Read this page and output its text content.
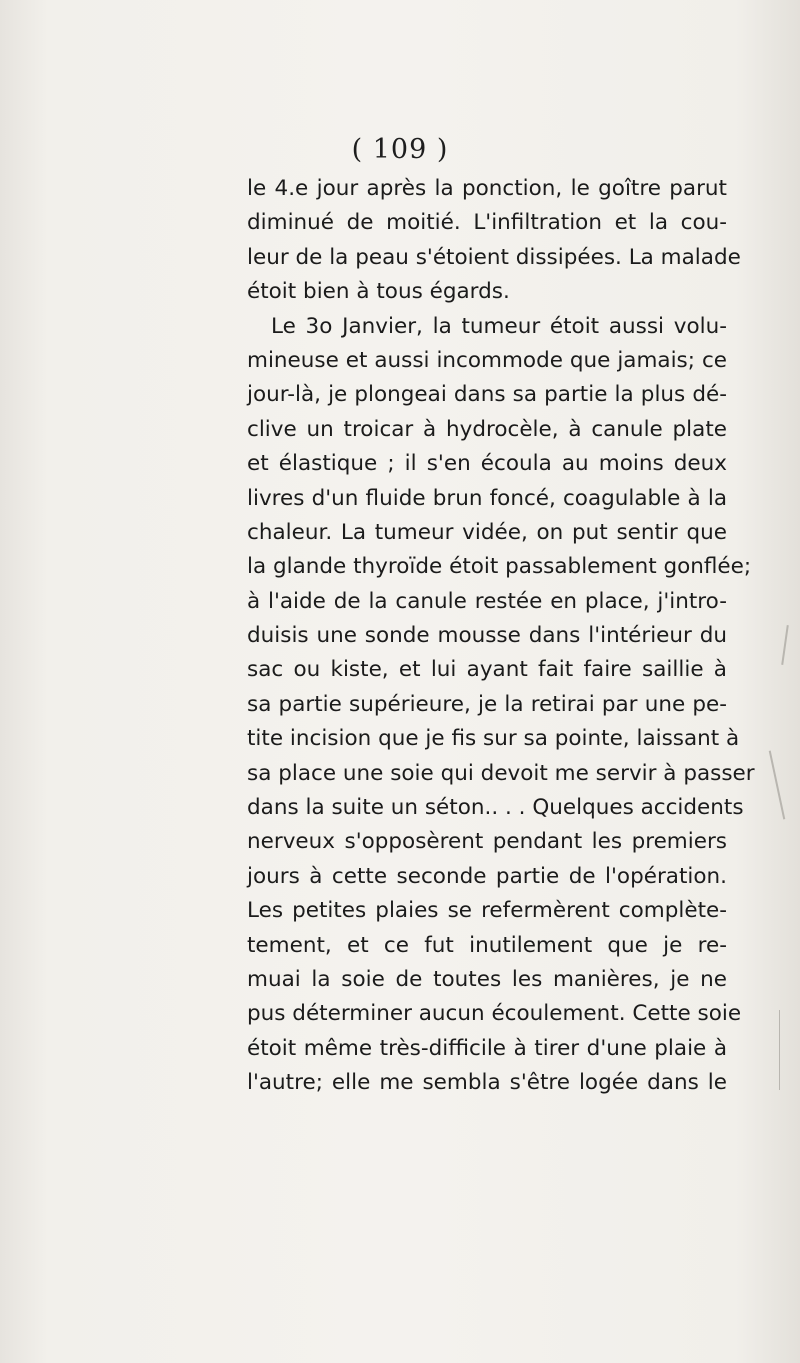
( 109 )
le 4.e jour après la ponction, le goître parut
diminué de moitié. L'infiltration et la cou-
leur de la peau s'étoient dissipées. La malade
étoit bien à tous égards.
Le 3o Janvier, la tumeur étoit aussi volu-
mineuse et aussi incommode que jamais; ce
jour-là, je plongeai dans sa partie la plus dé-
clive un troicar à hydrocèle, à canule plate
et élastique ; il s'en écoula au moins deux
livres d'un fluide brun foncé, coagulable à la
chaleur. La tumeur vidée, on put sentir que
la glande thyroïde étoit passablement gonflée;
à l'aide de la canule restée en place, j'intro-
duisis une sonde mousse dans l'intérieur du
sac ou kiste, et lui ayant fait faire saillie à
sa partie supérieure, je la retirai par une pe-
tite incision que je fis sur sa pointe, laissant à
sa place une soie qui devoit me servir à passer
dans la suite un séton.. . . Quelques accidents
nerveux s'opposèrent pendant les premiers
jours à cette seconde partie de l'opération.
Les petites plaies se refermèrent complète-
tement, et ce fut inutilement que je re-
muai la soie de toutes les manières, je ne
pus déterminer aucun écoulement. Cette soie
étoit même très-difficile à tirer d'une plaie à
l'autre; elle me sembla s'être logée dans le
